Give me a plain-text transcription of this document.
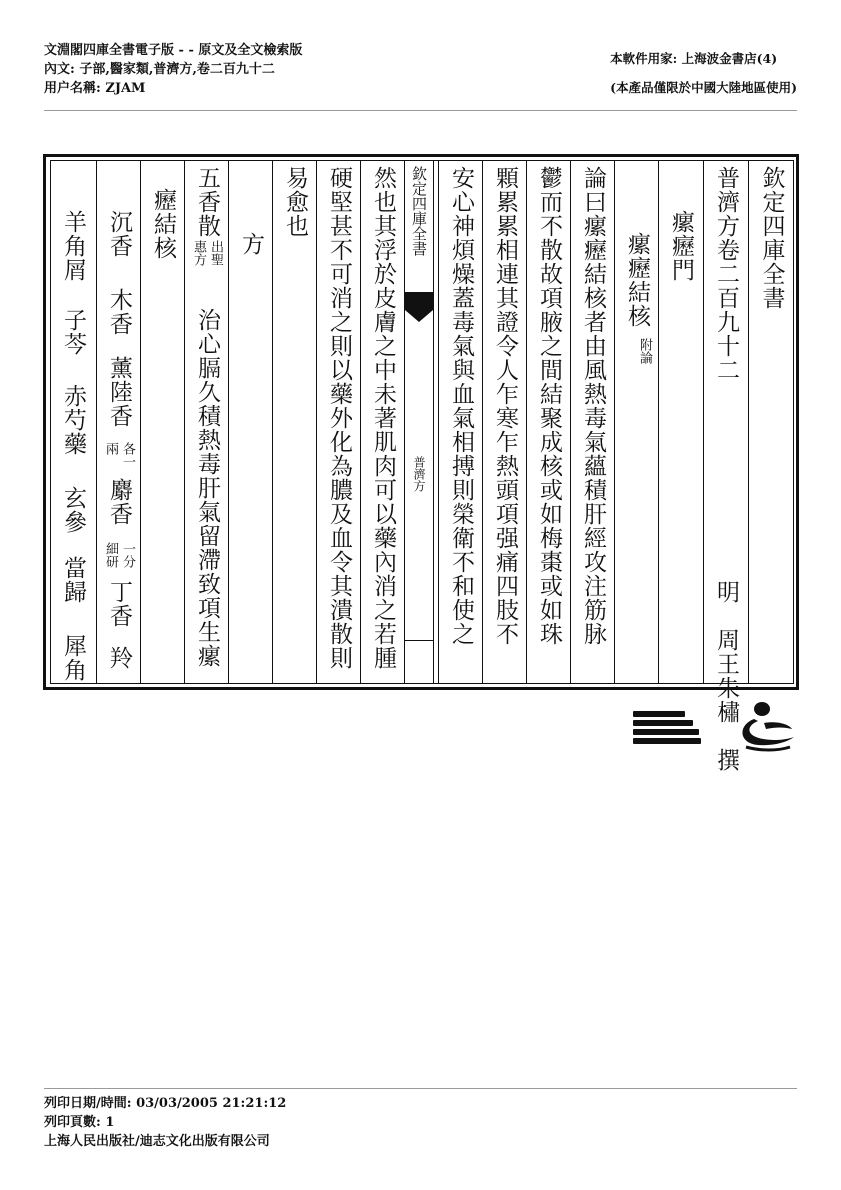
文淵閣四庫全書電子版 - - 原文及全文檢索版
內文: 子部,醫家類,普濟方,卷二百九十二
用户名稱: ZJAM
本軟件用家: 上海波金書店(4)
(本產品僅限於中國大陸地區使用)
欽定四庫全書
普濟方卷二百九十二
明　周王朱橚　撰
瘰癧門
瘰癧結核
附論
論曰瘰癧結核者由風熱毒氣蘊積肝經攻注筋脉
鬱而不散故項腋之間結聚成核或如梅棗或如珠
顆累累相連其證令人乍寒乍熱頭項强痛四肢不
安心神煩燥蓋毒氣與血氣相搏則榮衛不和使之
欽定四庫全書
普濟方
然也其浮於皮膚之中未著肌肉可以藥內消之若腫
硬堅甚不可消之則以藥外化為膿及血令其潰散則
易愈也
方
五香散
出聖
惠方
治心膈久積熱毒肝氣留滯致項生瘰
癧結核
沉香
木香
薰陸香
各一
兩
麝香
一分
細研
丁香
羚
羊角屑
子芩
赤芍藥
玄參
當歸
犀角
列印日期/時間: 03/03/2005 21:21:12
列印頁數: 1
上海人民出版社/迪志文化出版有限公司
